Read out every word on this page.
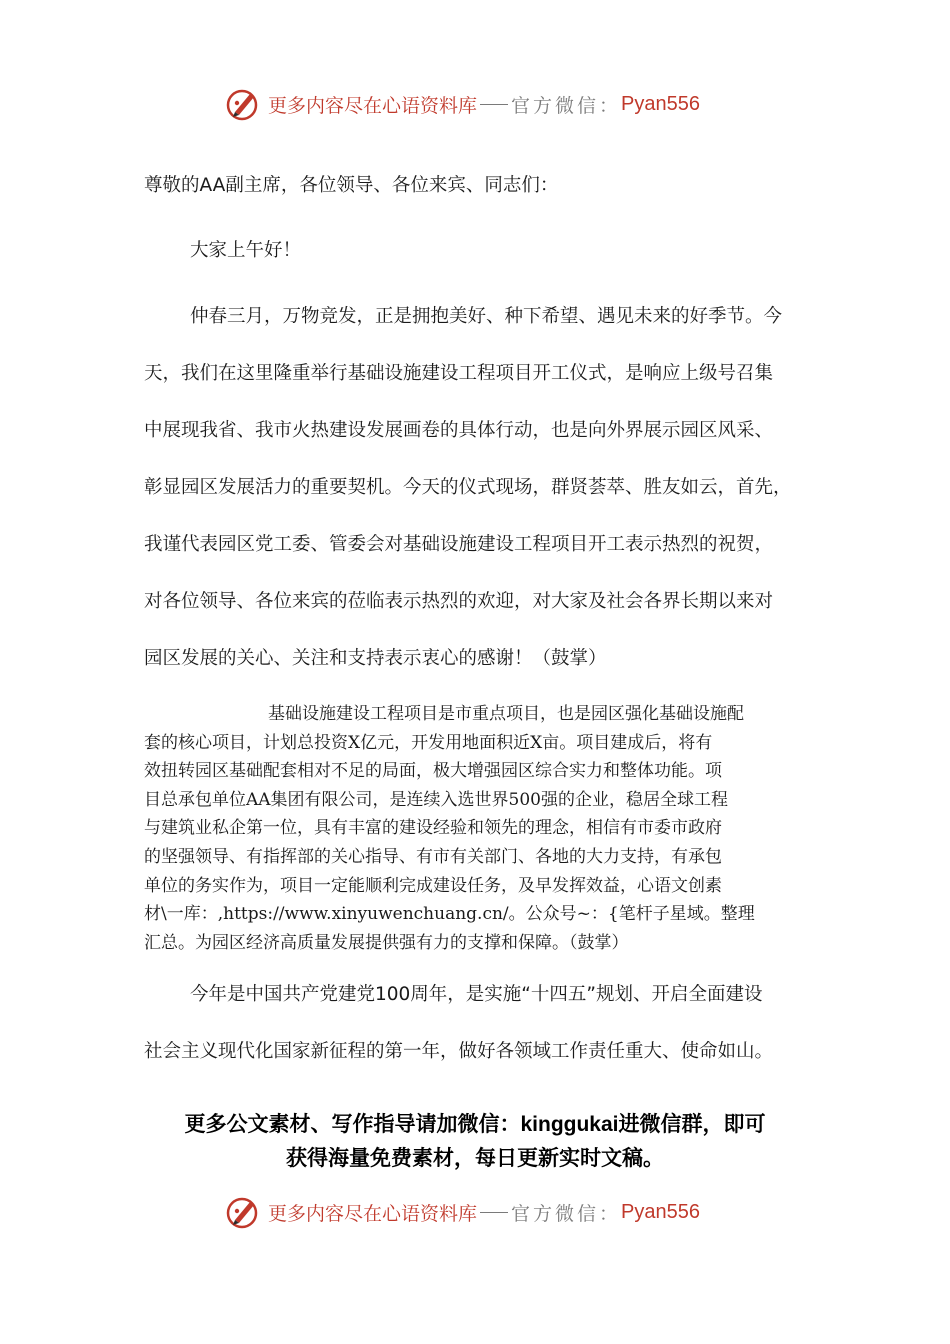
更多内容尽在心语资料库 官方微信： Pyan556
尊敬的AA副主席，各位领导、各位来宾、同志们：
大家上午好！
仲春三月，万物竞发，正是拥抱美好、种下希望、遇见未来的好季节。今
天，我们在这里隆重举行基础设施建设工程项目开工仪式，是响应上级号召集
中展现我省、我市火热建设发展画卷的具体行动，也是向外界展示园区风采、
彰显园区发展活力的重要契机。今天的仪式现场，群贤荟萃、胜友如云，首先，
我谨代表园区党工委、管委会对基础设施建设工程项目开工表示热烈的祝贺，
对各位领导、各位来宾的莅临表示热烈的欢迎，对大家及社会各界长期以来对
园区发展的关心、关注和支持表示衷心的感谢！（鼓掌）
基础设施建设工程项目是市重点项目，也是园区强化基础设施配
套的核心项目，计划总投资X亿元，开发用地面积近X亩。项目建成后，将有
效扭转园区基础配套相对不足的局面，极大增强园区综合实力和整体功能。项
目总承包单位AA集团有限公司，是连续入选世界500强的企业，稳居全球工程
与建筑业私企第一位，具有丰富的建设经验和领先的理念，相信有市委市政府
的坚强领导、有指挥部的关心指导、有市有关部门、各地的大力支持，有承包
单位的务实作为，项目一定能顺利完成建设任务，及早发挥效益，心语文创素
材\一库：,https://www.xinyuwenchuang.cn/。公众号~：{笔杆子星域。整理
汇总。为园区经济高质量发展提供强有力的支撑和保障。（鼓掌）
今年是中国共产党建党100周年，是实施“十四五”规划、开启全面建设
社会主义现代化国家新征程的第一年，做好各领域工作责任重大、使命如山。
更多公文素材、写作指导请加微信：kinggukai进微信群，即可
获得海量免费素材，每日更新实时文稿。
更多内容尽在心语资料库 官方微信： Pyan556
